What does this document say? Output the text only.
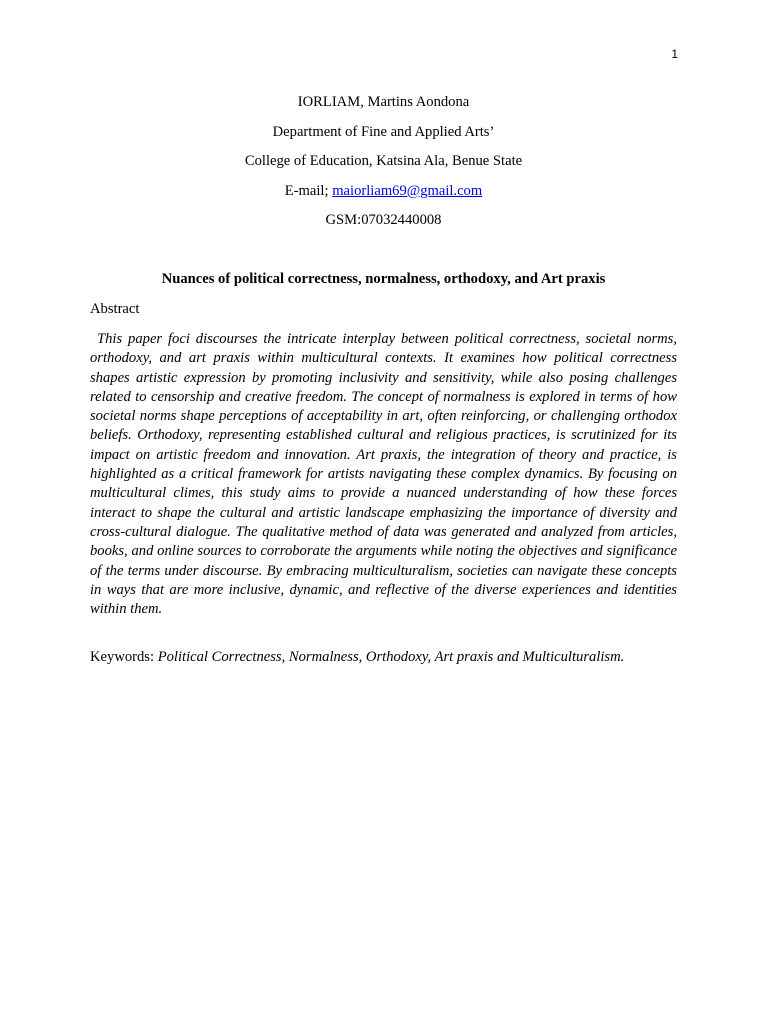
1
IORLIAM, Martins Aondona
Department of Fine and Applied Arts’
College of Education, Katsina Ala, Benue State
E-mail; maiorliam69@gmail.com
GSM:07032440008
Nuances of political correctness, normalness, orthodoxy, and Art praxis
Abstract

This paper foci discourses the intricate interplay between political correctness, societal norms, orthodoxy, and art praxis within multicultural contexts. It examines how political correctness shapes artistic expression by promoting inclusivity and sensitivity, while also posing challenges related to censorship and creative freedom. The concept of normalness is explored in terms of how societal norms shape perceptions of acceptability in art, often reinforcing, or challenging orthodox beliefs. Orthodoxy, representing established cultural and religious practices, is scrutinized for its impact on artistic freedom and innovation. Art praxis, the integration of theory and practice, is highlighted as a critical framework for artists navigating these complex dynamics. By focusing on multicultural climes, this study aims to provide a nuanced understanding of how these forces interact to shape the cultural and artistic landscape emphasizing the importance of diversity and cross-cultural dialogue. The qualitative method of data was generated and analyzed from articles, books, and online sources to corroborate the arguments while noting the objectives and significance of the terms under discourse. By embracing multiculturalism, societies can navigate these concepts in ways that are more inclusive, dynamic, and reflective of the diverse experiences and identities within them.

Keywords: Political Correctness, Normalness, Orthodoxy, Art praxis and Multiculturalism.
